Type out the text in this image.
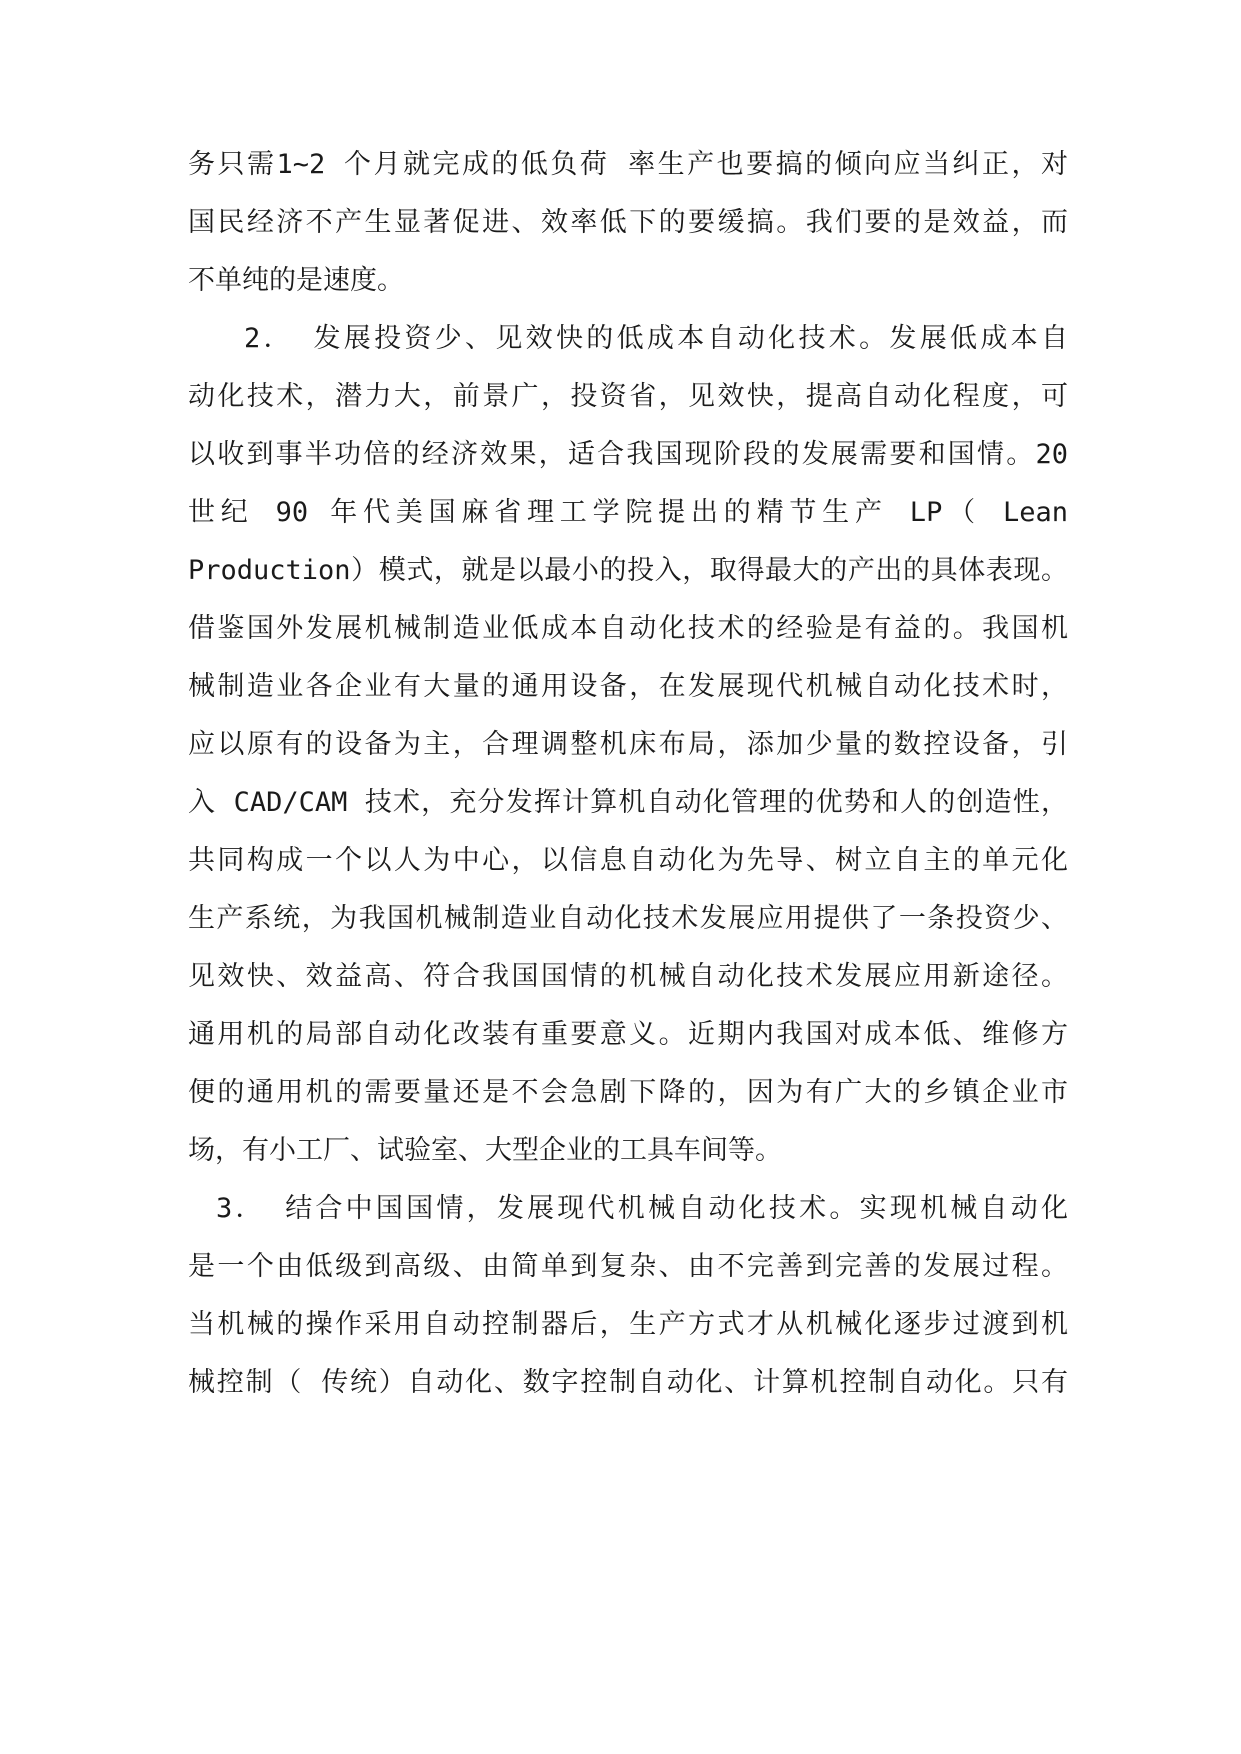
务只需1~2 个月就完成的低负荷 率生产也要搞的倾向应当纠正，对
国民经济不产生显著促进、效率低下的要缓搞。我们要的是效益，而
不单纯的是速度。
2． 发展投资少、见效快的低成本自动化技术。发展低成本自
动化技术，潜力大，前景广，投资省，见效快，提高自动化程度，可
以收到事半功倍的经济效果，适合我国现阶段的发展需要和国情。20
世纪 90 年代美国麻省理工学院提出的精节生产 LP（ Lean
Production）模式，就是以最小的投入，取得最大的产出的具体表现。
借鉴国外发展机械制造业低成本自动化技术的经验是有益的。我国机
械制造业各企业有大量的通用设备，在发展现代机械自动化技术时，
应以原有的设备为主，合理调整机床布局，添加少量的数控设备，引
入 CAD/CAM 技术，充分发挥计算机自动化管理的优势和人的创造性，
共同构成一个以人为中心，以信息自动化为先导、树立自主的单元化
生产系统，为我国机械制造业自动化技术发展应用提供了一条投资少、
见效快、效益高、符合我国国情的机械自动化技术发展应用新途径。
通用机的局部自动化改装有重要意义。近期内我国对成本低、维修方
便的通用机的需要量还是不会急剧下降的，因为有广大的乡镇企业市
场，有小工厂、试验室、大型企业的工具车间等。
3． 结合中国国情，发展现代机械自动化技术。实现机械自动化
是一个由低级到高级、由简单到复杂、由不完善到完善的发展过程。
当机械的操作采用自动控制器后，生产方式才从机械化逐步过渡到机
械控制（ 传统）自动化、数字控制自动化、计算机控制自动化。只有
